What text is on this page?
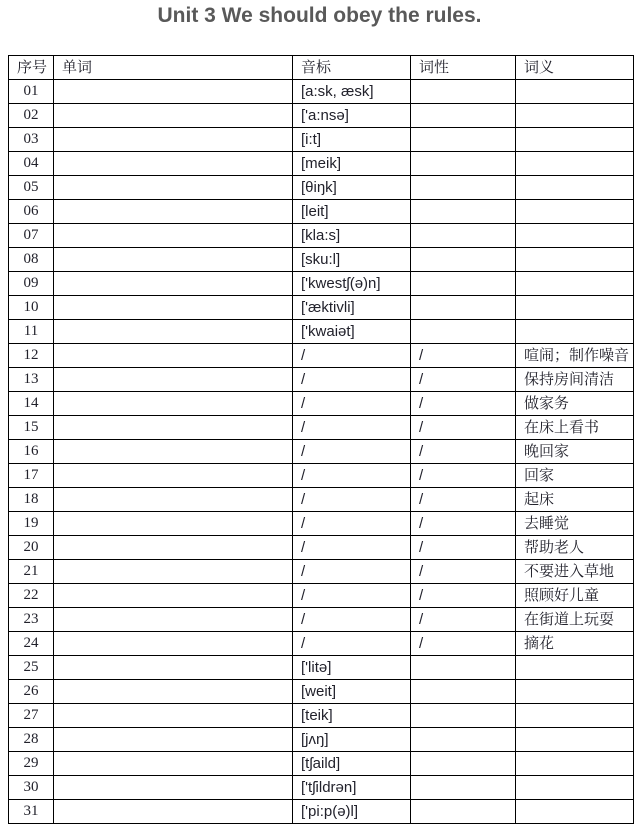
Unit 3 We should obey the rules.
序号	单词	音标	词性	词义
01		[a:sk, æsk]		
02		['a:nsə]		
03		[i:t]		
04		[meik]		
05		[θiŋk]		
06		[leit]		
07		[kla:s]		
08		[sku:l]		
09		['kwestʃ(ə)n]		
10		['æktivli]		
11		['kwaiət]		
12		/	/	喧闹；制作噪音
13		/	/	保持房间清洁
14		/	/	做家务
15		/	/	在床上看书
16		/	/	晚回家
17		/	/	回家
18		/	/	起床
19		/	/	去睡觉
20		/	/	帮助老人
21		/	/	不要进入草地
22		/	/	照顾好儿童
23		/	/	在街道上玩耍
24		/	/	摘花
25		['litə]		
26		[weit]		
27		[teik]		
28		[jʌŋ]		
29		[tʃaild]		
30		['tʃildrən]		
31		['pi:p(ə)l]		
